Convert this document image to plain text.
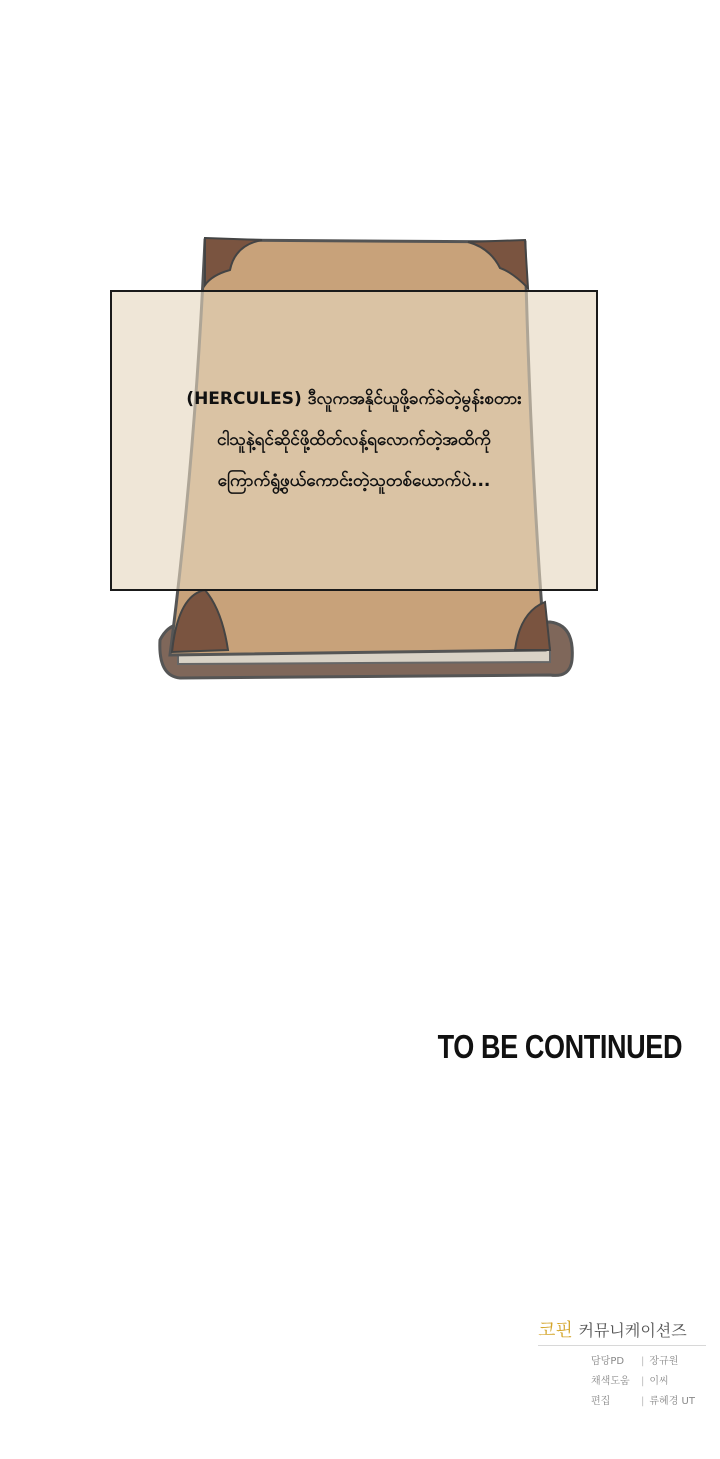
(HERCULES) ဒီလူကအနိုင်ယူဖို့ခက်ခဲတဲ့မွန်းစတား
ငါသူနဲ့ရင်ဆိုင်ဖို့ထိတ်လန့်ရလောက်တဲ့အထိကို
ကြောက်ရွံ့ဖွယ်ကောင်းတဲ့သူတစ်ယောက်ပဲ...
TO BE CONTINUED
코핀 커뮤니케이션즈
담당PD | 장규원
채색도움 | 이씨
편집	| 류혜경 UT
